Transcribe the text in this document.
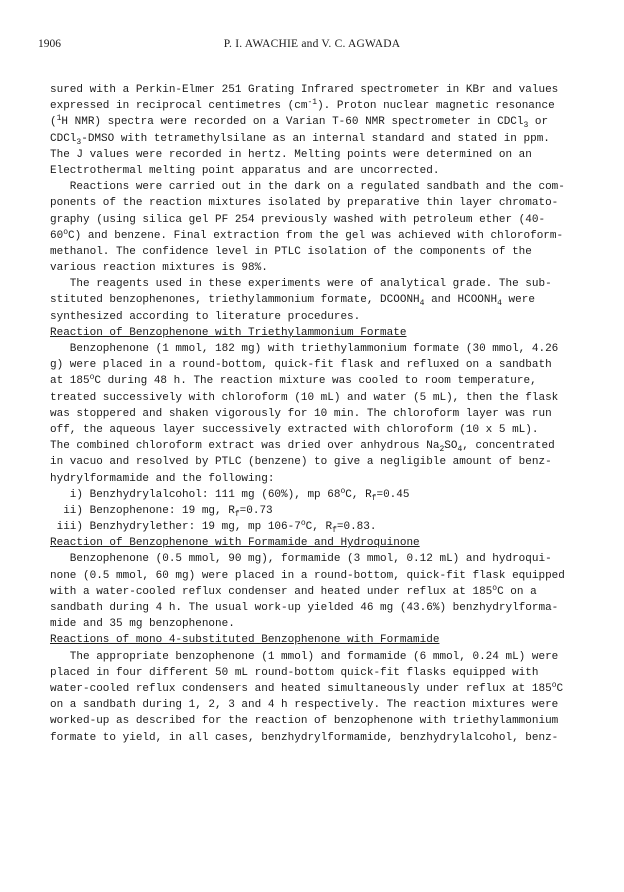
1906	P. I. AWACHIE and V. C. AGWADA
sured with a Perkin-Elmer 251 Grating Infrared spectrometer in KBr and values
expressed in reciprocal centimetres $(cm^{-1})$. Proton nuclear magnetic resonance
($^1$H NMR) spectra were recorded on a Varian T-60 NMR spectrometer in CDCl$_3$ or
CDCl$_3$-DMSO with tetramethylsilane as an internal standard and stated in ppm.
The J values were recorded in hertz. Melting points were determined on an
Electrothermal melting point apparatus and are uncorrected.
Reactions were carried out in the dark on a regulated sandbath and the com-
ponents of the reaction mixtures isolated by preparative thin layer chromato-
graphy (using silica gel PF 254 previously washed with petroleum ether (40-
60$^o$C) and benzene. Final extraction from the gel was achieved with chloroform-
methanol. The confidence level in PTLC isolation of the components of the
various reaction mixtures is 98%.
The reagents used in these experiments were of analytical grade. The sub-
stituted benzophenones, triethylammonium formate, $DCOONH_4$ and $HCOONH_4$ were
synthesized according to literature procedures.
Reaction of Benzophenone with Triethylammonium Formate
Benzophenone (1 mmol, 182 mg) with triethylammonium formate (30 mmol, 4.26
g) were placed in a round-bottom, quick-fit flask and refluxed on a sandbath
at 185$^o$C during 48 h. The reaction mixture was cooled to room temperature,
treated successively with chloroform (10 mL) and water (5 mL), then the flask
was stoppered and shaken vigorously for 10 min. The chloroform layer was run
off, the aqueous layer successively extracted with chloroform (10 x 5 mL).
The combined chloroform extract was dried over anhydrous $Na_2SO_4$, concentrated
in vacuo and resolved by PTLC (benzene) to give a negligible amount of benz-
hydrylformamide and the following:
i) Benzhydrylalcohol: 111 mg (60%), mp 68$^o$C, $R_f=0.45$
ii) Benzophenone: 19 mg, $R_f=0.73$
iii) Benzhydrylether: 19 mg, mp 106-7$^o$C, $R_f=0.83$.
Reaction of Benzophenone with Formamide and Hydroquinone
Benzophenone (0.5 mmol, 90 mg), formamide (3 mmol, 0.12 mL) and hydroqui-
none (0.5 mmol, 60 mg) were placed in a round-bottom, quick-fit flask equipped
with a water-cooled reflux condenser and heated under reflux at 185$^o$C on a
sandbath during 4 h. The usual work-up yielded 46 mg (43.6%) benzhydrylforma-
mide and 35 mg benzophenone.
Reactions of mono 4-substituted Benzophenone with Formamide
The appropriate benzophenone (1 mmol) and formamide (6 mmol, 0.24 mL) were
placed in four different 50 mL round-bottom quick-fit flasks equipped with
water-cooled reflux condensers and heated simultaneously under reflux at 185$^o$C
on a sandbath during 1, 2, 3 and 4 h respectively. The reaction mixtures were
worked-up as described for the reaction of benzophenone with triethylammonium
formate to yield, in all cases, benzhydrylformamide, benzhydrylalcohol, benz-
